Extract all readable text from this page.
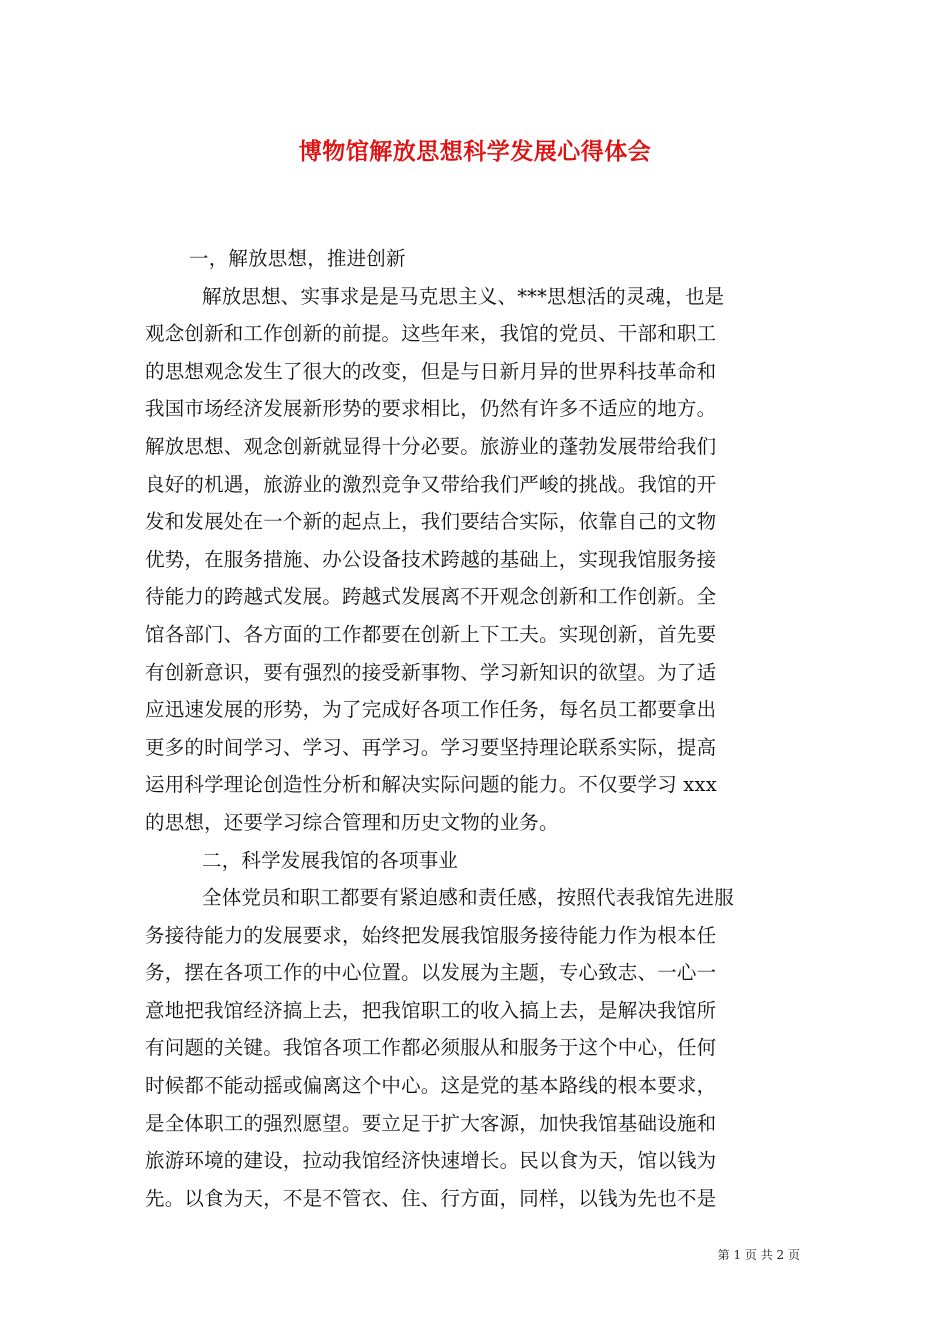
博物馆解放思想科学发展心得体会
一，解放思想，推进创新
解放思想、实事求是是马克思主义、***思想活的灵魂，也是
观念创新和工作创新的前提。这些年来，我馆的党员、干部和职工
的思想观念发生了很大的改变，但是与日新月异的世界科技革命和
我国市场经济发展新形势的要求相比，仍然有许多不适应的地方。
解放思想、观念创新就显得十分必要。旅游业的蓬勃发展带给我们
良好的机遇，旅游业的激烈竞争又带给我们严峻的挑战。我馆的开
发和发展处在一个新的起点上，我们要结合实际，依靠自己的文物
优势，在服务措施、办公设备技术跨越的基础上，实现我馆服务接
待能力的跨越式发展。跨越式发展离不开观念创新和工作创新。全
馆各部门、各方面的工作都要在创新上下工夫。实现创新，首先要
有创新意识，要有强烈的接受新事物、学习新知识的欲望。为了适
应迅速发展的形势，为了完成好各项工作任务，每名员工都要拿出
更多的时间学习、学习、再学习。学习要坚持理论联系实际，提高
运用科学理论创造性分析和解决实际问题的能力。不仅要学习 xxx
的思想，还要学习综合管理和历史文物的业务。
二，科学发展我馆的各项事业
全体党员和职工都要有紧迫感和责任感，按照代表我馆先进服
务接待能力的发展要求，始终把发展我馆服务接待能力作为根本任
务，摆在各项工作的中心位置。以发展为主题，专心致志、一心一
意地把我馆经济搞上去，把我馆职工的收入搞上去，是解决我馆所
有问题的关键。我馆各项工作都必须服从和服务于这个中心，任何
时候都不能动摇或偏离这个中心。这是党的基本路线的根本要求，
是全体职工的强烈愿望。要立足于扩大客源，加快我馆基础设施和
旅游环境的建设，拉动我馆经济快速增长。民以食为天，馆以钱为
先。以食为天，不是不管衣、住、行方面，同样，以钱为先也不是
第 1 页 共 2 页
